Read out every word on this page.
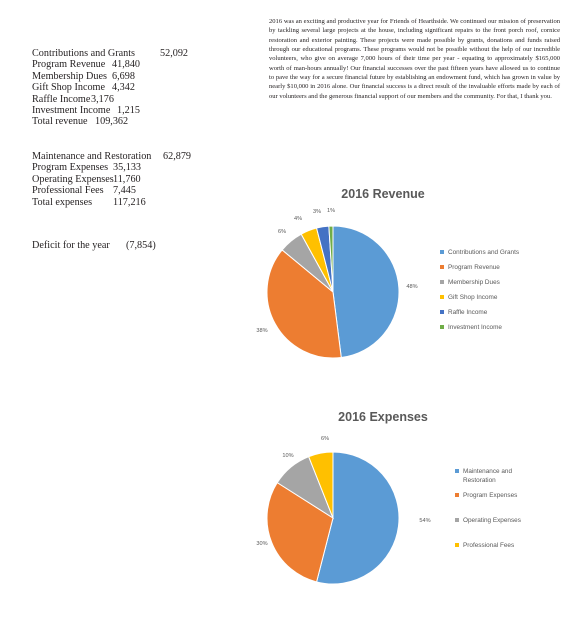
2016 was an exciting and productive year for Friends of Hearthside. We continued our mission of preservation by tackling several large projects at the house, including significant repairs to the front porch roof, cornice restoration and exterior painting. These projects were made possible by grants, donations and funds raised through our educational programs. These programs would not be possible without the help of our incredible volunteers, who give on average 7,000 hours of their time per year - equating to approximately $165,000 worth of man-hours annually! Our financial successes over the past fifteen years have allowed us to continue to pave the way for a secure financial future by establishing an endowment fund, which has grown in value by nearly $10,000 in 2016 alone. Our financial success is a direct result of the invaluable efforts made by each of our volunteers and the generous financial support of our members and the community. For that, I thank you.

Contributions and Grants 52,092
Program Revenue 41,840
Membership Dues 6,698
Gift Shop Income 4,342
Raffle Income 3,176
Investment Income 1,215
Total revenue 109,362
Maintenance and Restoration 62,879
Program Expenses 35,133
Operating Expenses 11,760
Professional Fees 7,445
Total expenses 117,216
Deficit for the year (7,854)
2016 Revenue
48%
38%
6%
4%
3% 1%
Contributions and Grants
Program Revenue
Membership Dues
Gift Shop Income
Raffle Income
Investment Income
2016 Expenses
54%
30%
10%
6%
Maintenance and Restoration
Program Expenses
Operating Expenses
Professional Fees
